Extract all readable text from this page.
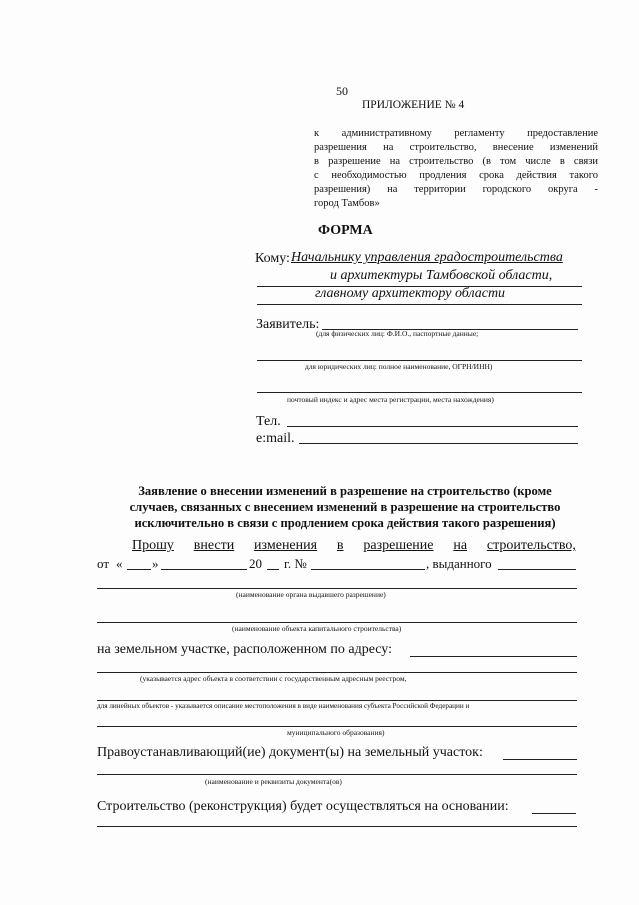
50
ПРИЛОЖЕНИЕ № 4
к административному регламенту предоставление
разрешения на строительство, внесение изменений
в разрешение на строительство (в том числе в связи
с необходимостью продления срока действия такого
разрешения) на территории городского округа -
город Тамбов»
ФОРМА
Кому: Начальнику управления градостроительства
и архитектуры Тамбовской области,
главному архитектору области
Заявитель:
(для физических лиц: Ф.И.О., паспортные данные;
для юридических лиц: полное наименование, ОГРН/ИНН)
почтовый индекс и адрес места регистрации, места нахождения)
Тел.
e:mail.
Заявление о внесении изменений в разрешение на строительство (кроме
случаев, связанных с внесением изменений в разрешение на строительство
исключительно в связи с продлением срока действия такого разрешения)
Прошу внести изменения в разрешение на строительство,
от « »	20 г. №	, выданного
(наименование органа выдавшего разрешение)
(наименование объекта капитального строительства)
на земельном участке, расположенном по адресу:
(указывается адрес объекта в соответствии с государственным адресным реестром,
для линейных объектов - указывается описание местоположения в виде наименования субъекта Российской Федерации и
муниципального образования)
Правоустанавливающий(ие) документ(ы) на земельный участок:
(наименование и реквизиты документа(ов)
Строительство (реконструкция) будет осуществляться на основании:
